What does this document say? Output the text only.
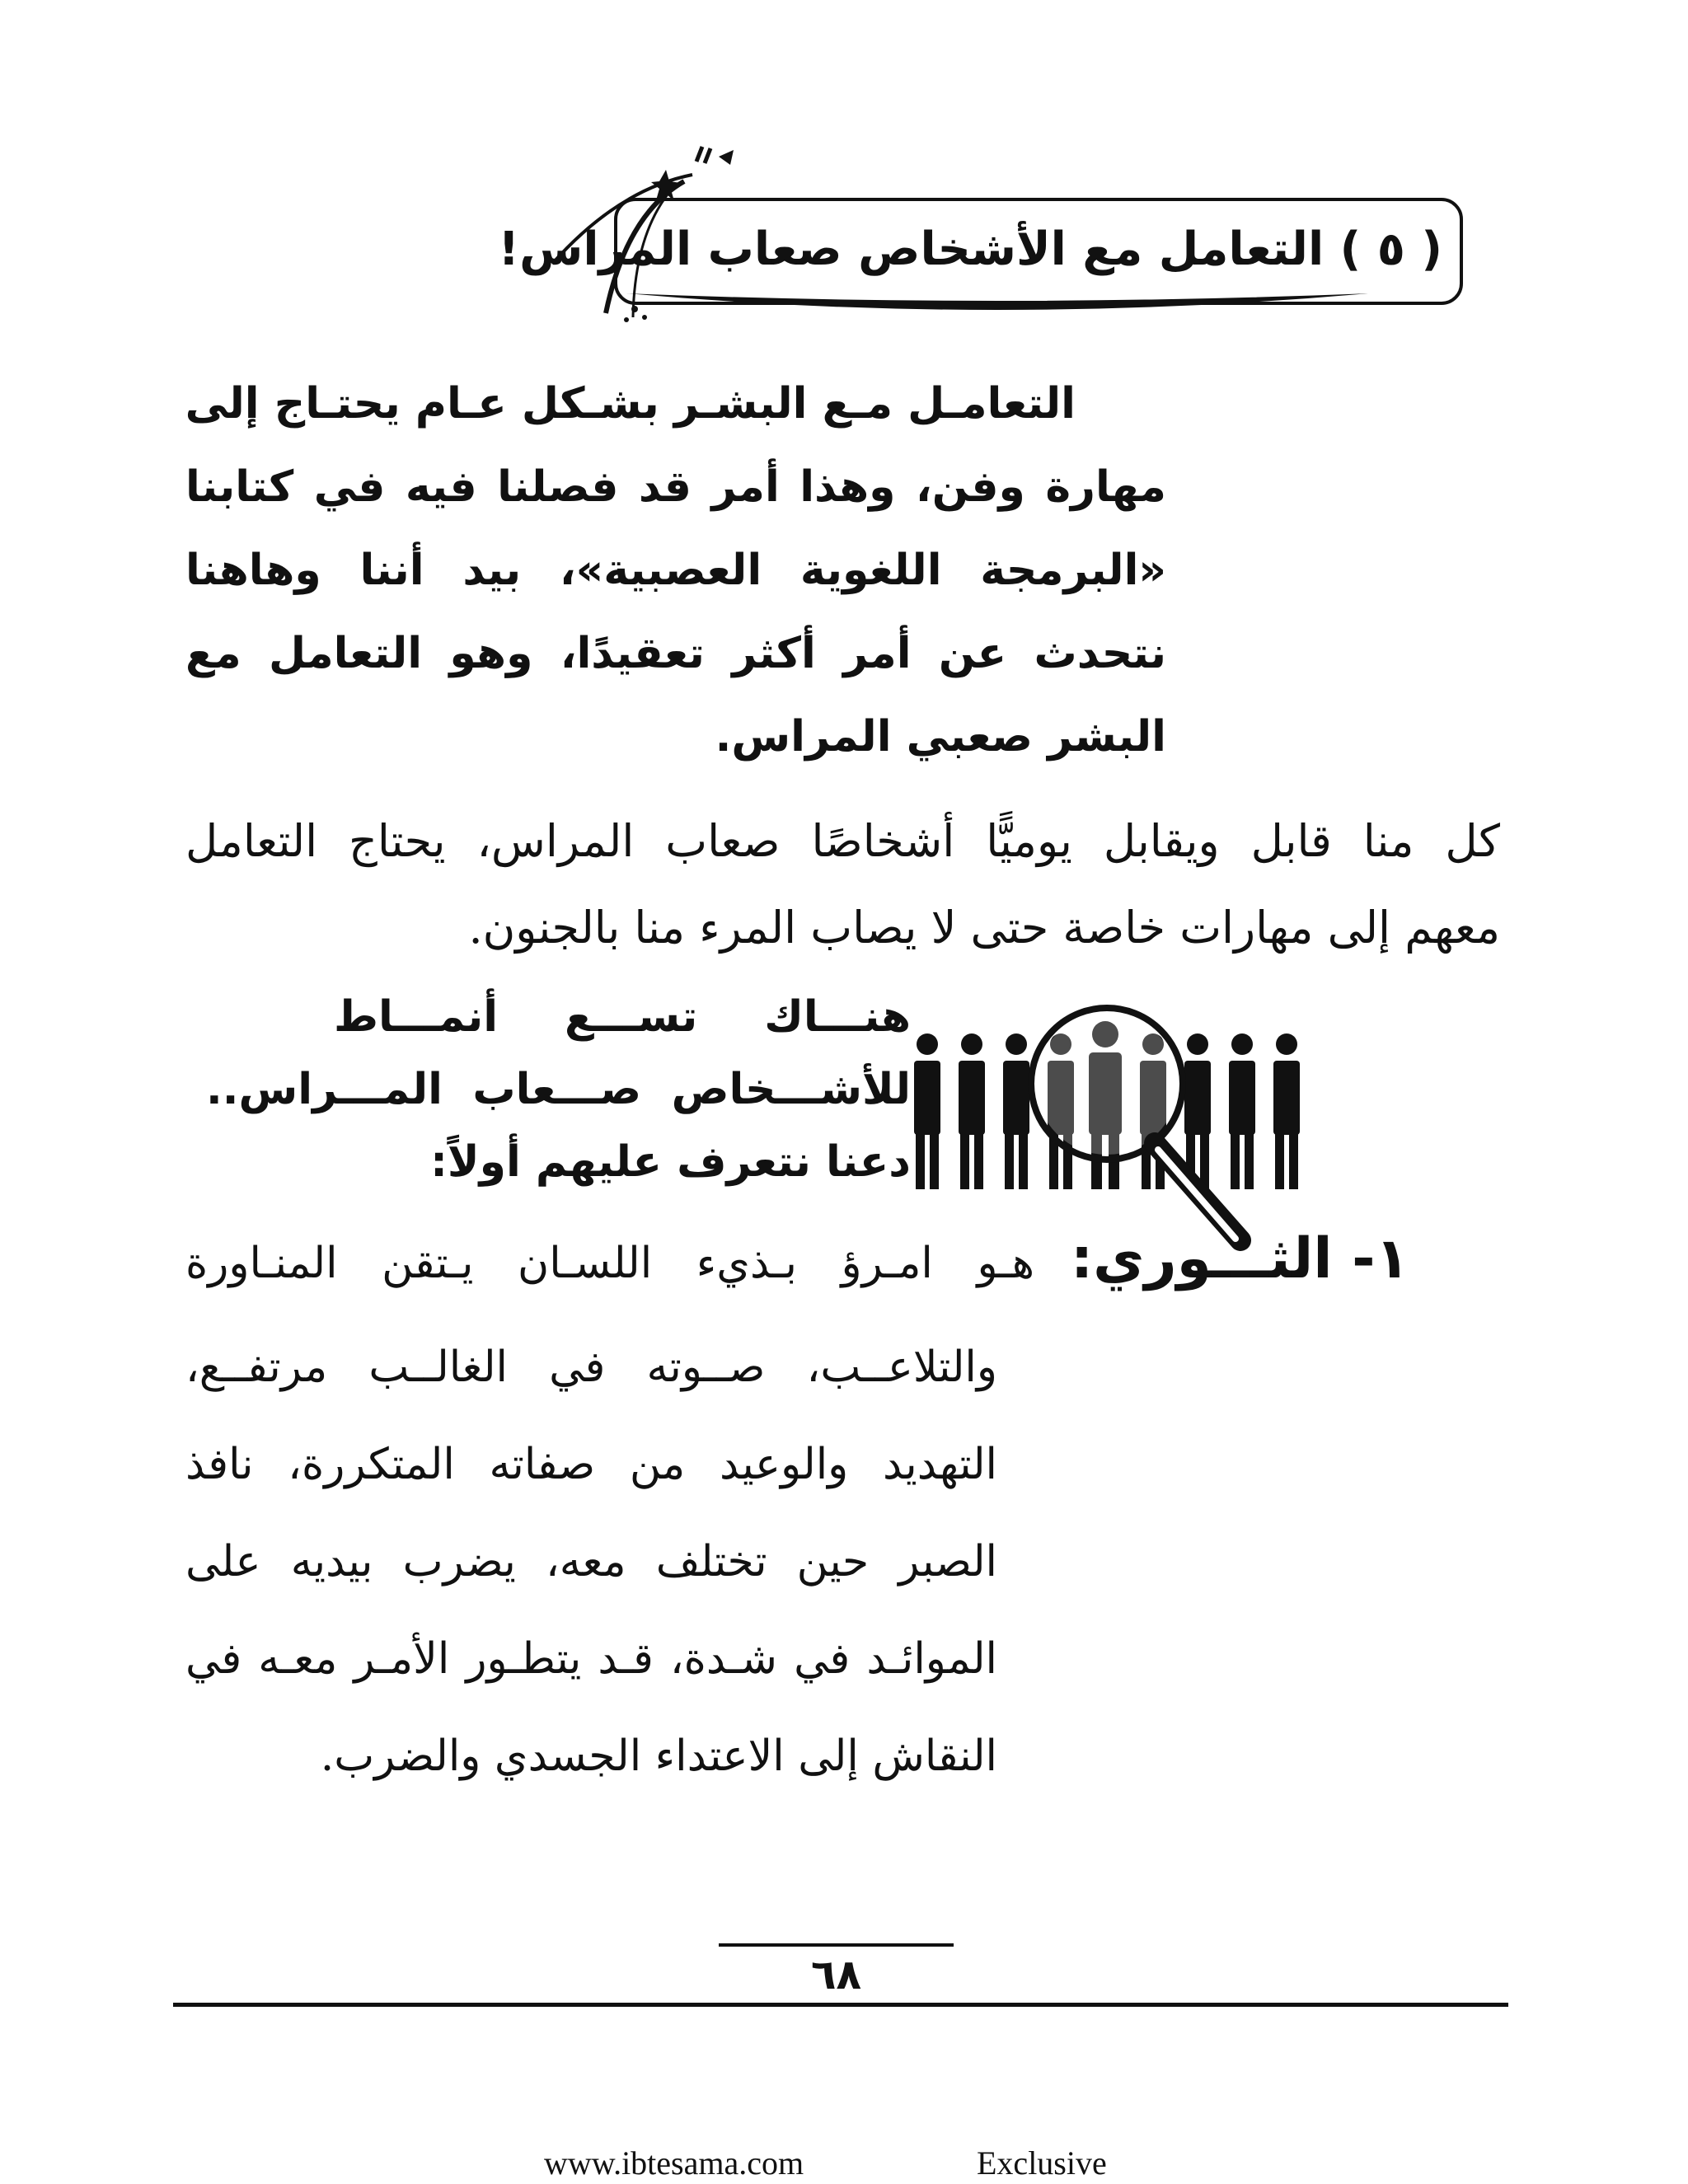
( ٥ ) التعامل مع الأشخاص صعاب المراس!
التعامـل مـع البشـر بشـكل عـام يحتـاج إلى
مهارة وفن، وهذا أمر قد فصلنا فيه في كتابنا
«البرمجة اللغوية العصبية»، بيد أننا وهاهنا
نتحدث عن أمر أكثر تعقيدًا، وهو التعامل مع
البشر صعبي المراس.
كل منا قابل ويقابل يوميًّا أشخاصًا صعاب المراس، يحتاج التعامل
معهم إلى مهارات خاصة حتى لا يصاب المرء منا بالجنون.
هنـــاك تســـع أنمـــاط
للأشـــخاص صـــعاب المـــراس..
دعنا نتعرف عليهم أولاً:
١- الثـــوري:
هـو امـرؤ بـذيء اللسـان يـتقن المنـاورة
والتلاعــب، صــوته في الغالــب مرتفــع،
التهديد والوعيد من صفاته المتكررة، نافذ
الصبر حين تختلف معه، يضرب بيديه على
الموائـد في شـدة، قـد يتطـور الأمـر معـه في
النقاش إلى الاعتداء الجسدي والضرب.
٦٨
www.ibtesama.com	Exclusive
